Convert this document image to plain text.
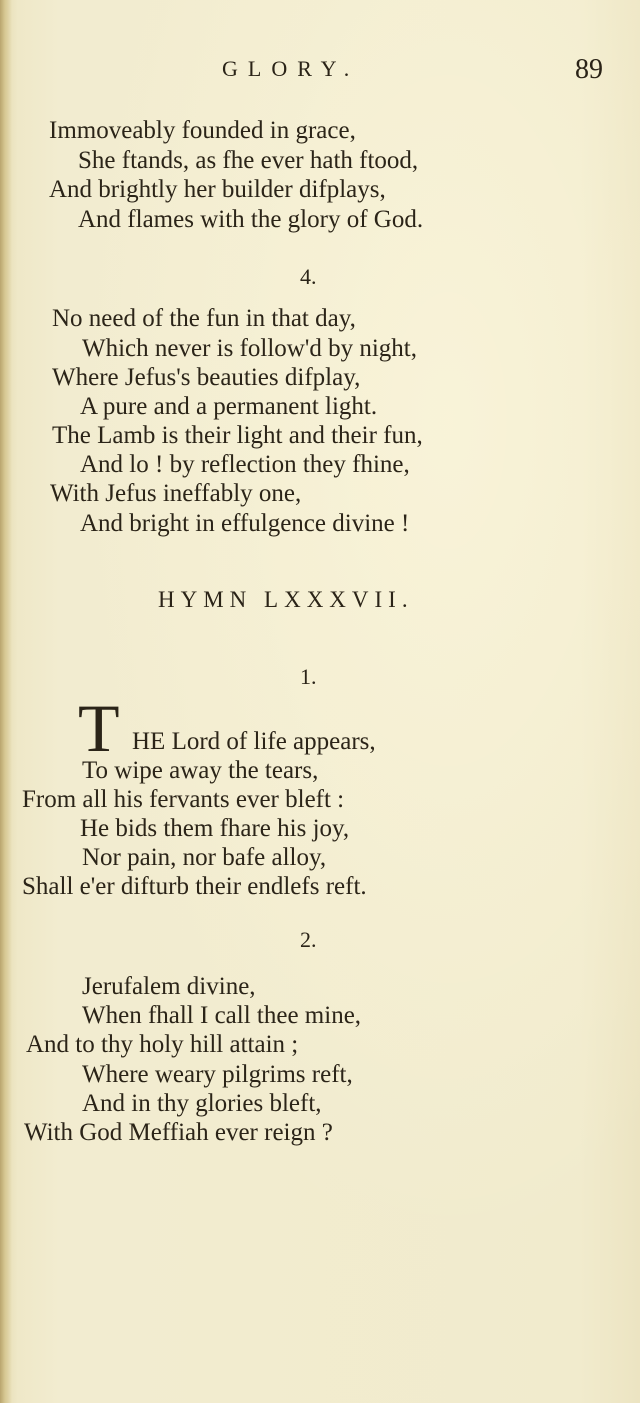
GLORY.	89
Immoveably founded in grace,
She ftands, as fhe ever hath ftood,
And brightly her builder difplays,
And flames with the glory of God.
4.
No need of the fun in that day,
Which never is follow'd by night,
Where Jefus's beauties difplay,
A pure and a permanent light.
The Lamb is their light and their fun,
And lo ! by reflection they fhine,
With Jefus ineffably one,
And bright in effulgence divine !
HYMN LXXXVII.
1.
T HE Lord of life appears,
To wipe away the tears,
From all his fervants ever bleft :
He bids them fhare his joy,
Nor pain, nor bafe alloy,
Shall e'er difturb their endlefs reft.
2.
Jerufalem divine,
When fhall I call thee mine,
And to thy holy hill attain ;
Where weary pilgrims reft,
And in thy glories bleft,
With God Meffiah ever reign ?
